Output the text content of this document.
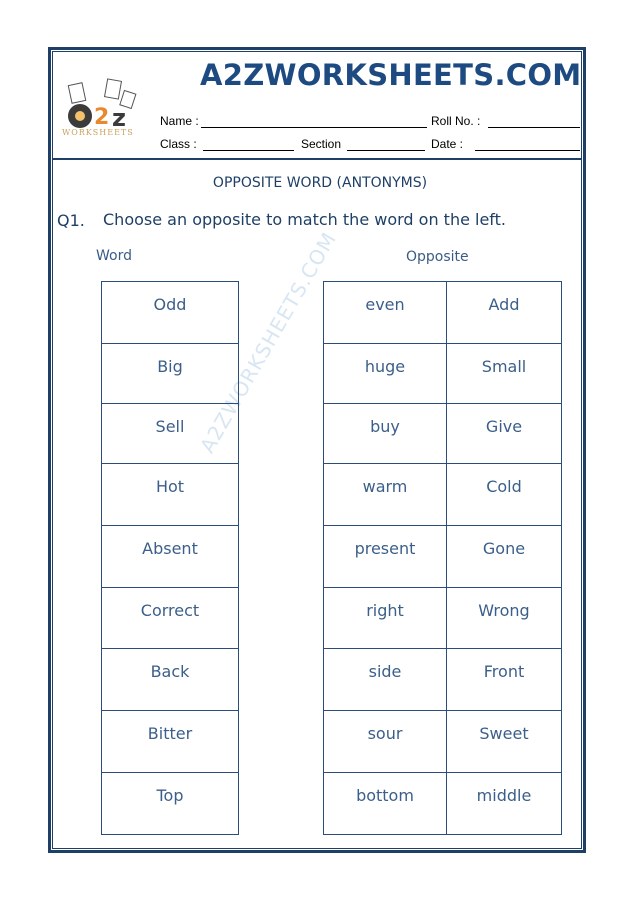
2 z
WORKSHEETS
A2ZWORKSHEETS.COM
Name :	Roll No. :
Class :	Section	Date :
OPPOSITE WORD (ANTONYMS)
Q1. Choose an opposite to match the word on the left.
Word	Opposite
A2ZWORKSHEETS.COM
Odd
Big
Sell
Hot
Absent
Correct
Back
Bitter
Top
even	Add
huge	Small
buy	Give
warm	Cold
present	Gone
right	Wrong
side	Front
sour	Sweet
bottom	middle
